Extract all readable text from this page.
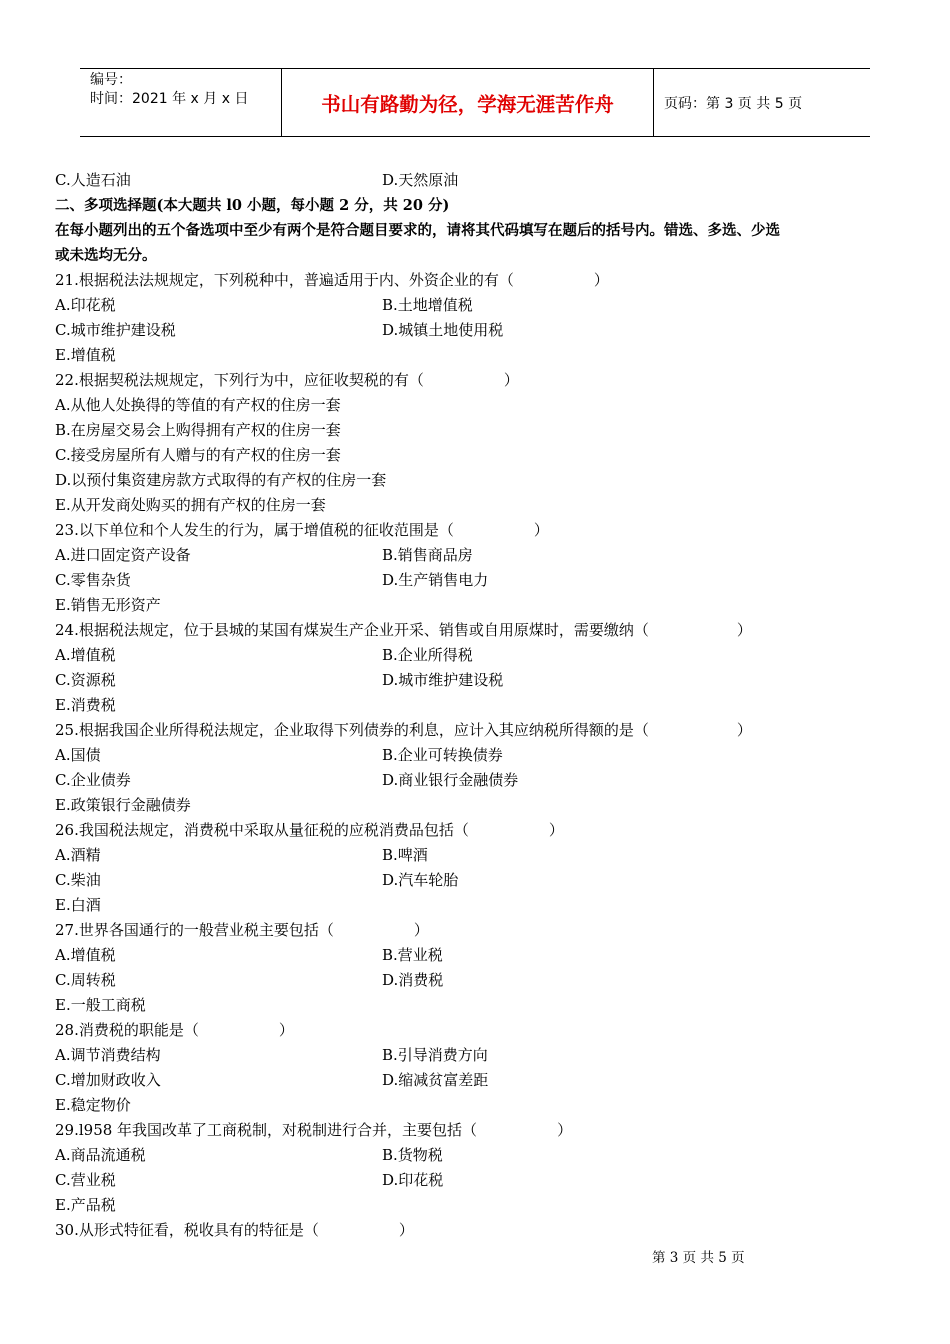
编号：
时间：2021 年 x 月 x 日	书山有路勤为径，学海无涯苦作舟	页码：第 3 页 共 5 页
C.人造石油	D.天然原油
二、多项选择题(本大题共 l0 小题，每小题 2 分，共 20 分)
在每小题列出的五个备选项中至少有两个是符合题目要求的，请将其代码填写在题后的括号内。错选、多选、少选
或未选均无分。
21.根据税法法规规定，下列税种中，普遍适用于内、外资企业的有（	）
A.印花税	B.土地增值税
C.城市维护建设税	D.城镇土地使用税
E.增值税
22.根据契税法规规定，下列行为中，应征收契税的有（	）
A.从他人处换得的等值的有产权的住房一套
B.在房屋交易会上购得拥有产权的住房一套
C.接受房屋所有人赠与的有产权的住房一套
D.以预付集资建房款方式取得的有产权的住房一套
E.从开发商处购买的拥有产权的住房一套
23.以下单位和个人发生的行为，属于增值税的征收范围是（	）
A.进口固定资产设备	B.销售商品房
C.零售杂货	D.生产销售电力
E.销售无形资产
24.根据税法规定，位于县城的某国有煤炭生产企业开采、销售或自用原煤时，需要缴纳（	）
A.增值税	B.企业所得税
C.资源税	D.城市维护建设税
E.消费税
25.根据我国企业所得税法规定，企业取得下列债券的利息，应计入其应纳税所得额的是（	）
A.国债	B.企业可转换债券
C.企业债券	D.商业银行金融债券
E.政策银行金融债券
26.我国税法规定，消费税中采取从量征税的应税消费品包括（	）
A.酒精	B.啤酒
C.柴油	D.汽车轮胎
E.白酒
27.世界各国通行的一般营业税主要包括（	）
A.增值税	B.营业税
C.周转税	D.消费税
E.一般工商税
28.消费税的职能是（	）
A.调节消费结构	B.引导消费方向
C.增加财政收入	D.缩减贫富差距
E.稳定物价
29.l958 年我国改革了工商税制，对税制进行合并，主要包括（	）
A.商品流通税	B.货物税
C.营业税	D.印花税
E.产品税
30.从形式特征看，税收具有的特征是（	）
第 3 页 共 5 页
